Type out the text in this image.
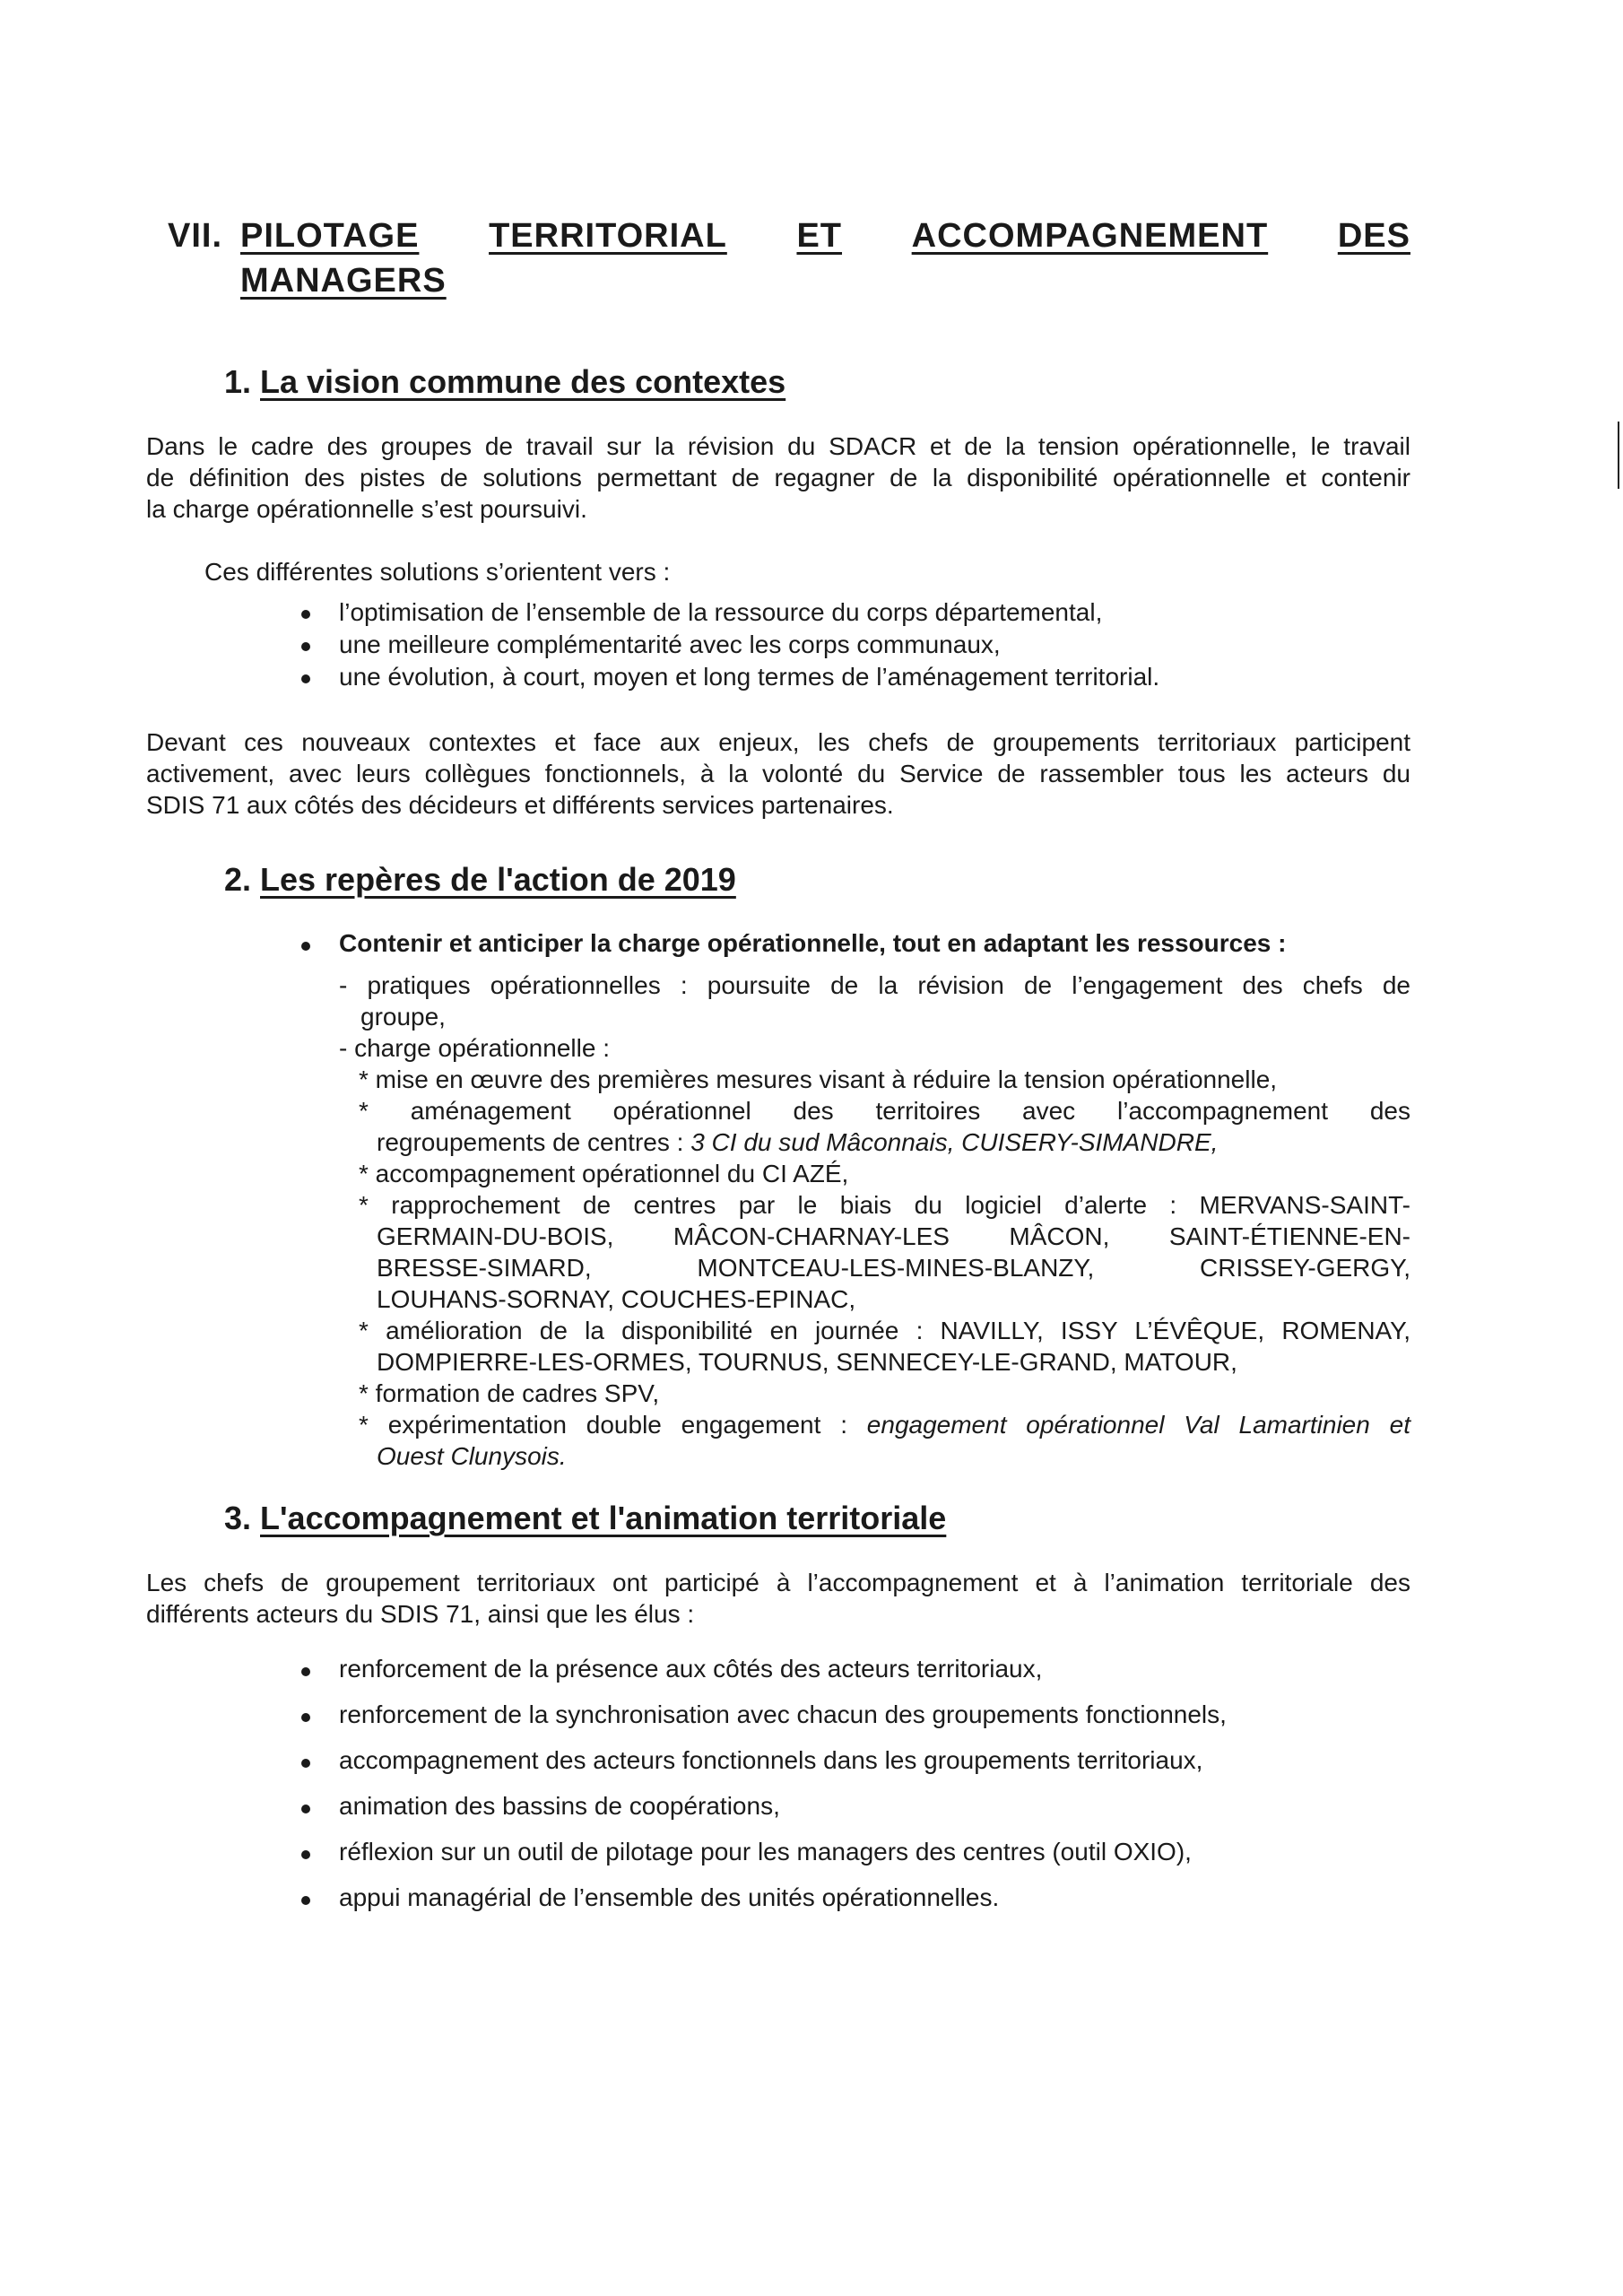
VII. PILOTAGE TERRITORIAL ET ACCOMPAGNEMENT DES
MANAGERS
1. La vision commune des contextes
Dans le cadre des groupes de travail sur la révision du SDACR et de la tension opérationnelle, le travail
de définition des pistes de solutions permettant de regagner de la disponibilité opérationnelle et contenir
la charge opérationnelle s’est poursuivi.
Ces différentes solutions s’orientent vers :
l’optimisation de l’ensemble de la ressource du corps départemental,
une meilleure complémentarité avec les corps communaux,
une évolution, à court, moyen et long termes de l’aménagement territorial.
Devant ces nouveaux contextes et face aux enjeux, les chefs de groupements territoriaux participent
activement, avec leurs collègues fonctionnels, à la volonté du Service de rassembler tous les acteurs du
SDIS 71 aux côtés des décideurs et différents services partenaires.
2. Les repères de l'action de 2019
Contenir et anticiper la charge opérationnelle, tout en adaptant les ressources :
- pratiques opérationnelles : poursuite de la révision de l’engagement des chefs de
groupe,
- charge opérationnelle :
* mise en œuvre des premières mesures visant à réduire la tension opérationnelle,
* aménagement opérationnel des territoires avec l’accompagnement des
regroupements de centres : 3 CI du sud Mâconnais, CUISERY-SIMANDRE,
* accompagnement opérationnel du CI AZÉ,
* rapprochement de centres par le biais du logiciel d’alerte : MERVANS-SAINT-
GERMAIN-DU-BOIS, MÂCON-CHARNAY-LES MÂCON, SAINT-ÉTIENNE-EN-
BRESSE-SIMARD, MONTCEAU-LES-MINES-BLANZY, CRISSEY-GERGY,
LOUHANS-SORNAY, COUCHES-EPINAC,
* amélioration de la disponibilité en journée : NAVILLY, ISSY L’ÉVÊQUE, ROMENAY,
DOMPIERRE-LES-ORMES, TOURNUS, SENNECEY-LE-GRAND, MATOUR,
* formation de cadres SPV,
* expérimentation double engagement : engagement opérationnel Val Lamartinien et
Ouest Clunysois.
3. L'accompagnement et l'animation territoriale
Les chefs de groupement territoriaux ont participé à l’accompagnement et à l’animation territoriale des
différents acteurs du SDIS 71, ainsi que les élus :
renforcement de la présence aux côtés des acteurs territoriaux,
renforcement de la synchronisation avec chacun des groupements fonctionnels,
accompagnement des acteurs fonctionnels dans les groupements territoriaux,
animation des bassins de coopérations,
réflexion sur un outil de pilotage pour les managers des centres (outil OXIO),
appui managérial de l’ensemble des unités opérationnelles.
